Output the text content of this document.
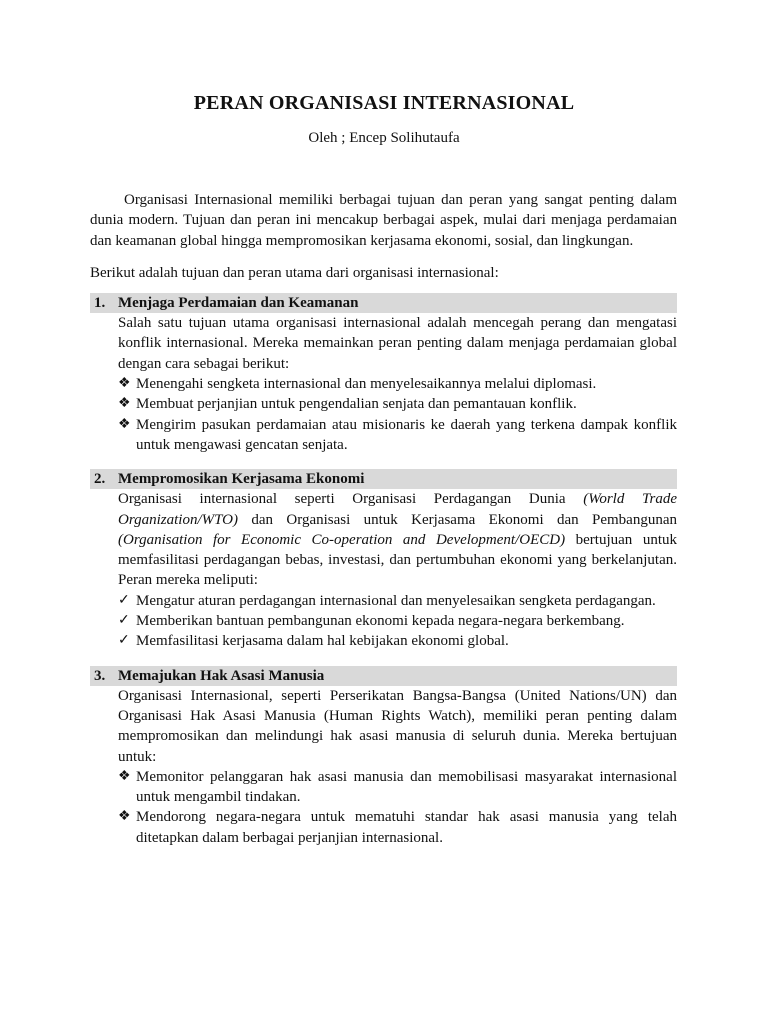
PERAN ORGANISASI INTERNASIONAL

Oleh ; Encep Solihutaufa

Organisasi Internasional memiliki berbagai tujuan dan peran yang sangat penting dalam dunia modern. Tujuan dan peran ini mencakup berbagai aspek, mulai dari menjaga perdamaian dan keamanan global hingga mempromosikan kerjasama ekonomi, sosial, dan lingkungan.

Berikut adalah tujuan dan peran utama dari organisasi internasional:

1. Menjaga Perdamaian dan Keamanan

Salah satu tujuan utama organisasi internasional adalah mencegah perang dan mengatasi konflik internasional. Mereka memainkan peran penting dalam menjaga perdamaian global dengan cara sebagai berikut:

❖ Menengahi sengketa internasional dan menyelesaikannya melalui diplomasi.
❖ Membuat perjanjian untuk pengendalian senjata dan pemantauan konflik.
❖ Mengirim pasukan perdamaian atau misionaris ke daerah yang terkena dampak konflik untuk mengawasi gencatan senjata.
2. Mempromosikan Kerjasama Ekonomi

Organisasi internasional seperti Organisasi Perdagangan Dunia (World Trade Organization/WTO) dan Organisasi untuk Kerjasama Ekonomi dan Pembangunan (Organisation for Economic Co-operation and Development/OECD) bertujuan untuk memfasilitasi perdagangan bebas, investasi, dan pertumbuhan ekonomi yang berkelanjutan. Peran mereka meliputi:

✓ Mengatur aturan perdagangan internasional dan menyelesaikan sengketa perdagangan.
✓ Memberikan bantuan pembangunan ekonomi kepada negara-negara berkembang.
✓ Memfasilitasi kerjasama dalam hal kebijakan ekonomi global.
3. Memajukan Hak Asasi Manusia

Organisasi Internasional, seperti Perserikatan Bangsa-Bangsa (United Nations/UN) dan Organisasi Hak Asasi Manusia (Human Rights Watch), memiliki peran penting dalam mempromosikan dan melindungi hak asasi manusia di seluruh dunia. Mereka bertujuan untuk:

❖ Memonitor pelanggaran hak asasi manusia dan memobilisasi masyarakat internasional untuk mengambil tindakan.
❖ Mendorong negara-negara untuk mematuhi standar hak asasi manusia yang telah ditetapkan dalam berbagai perjanjian internasional.
